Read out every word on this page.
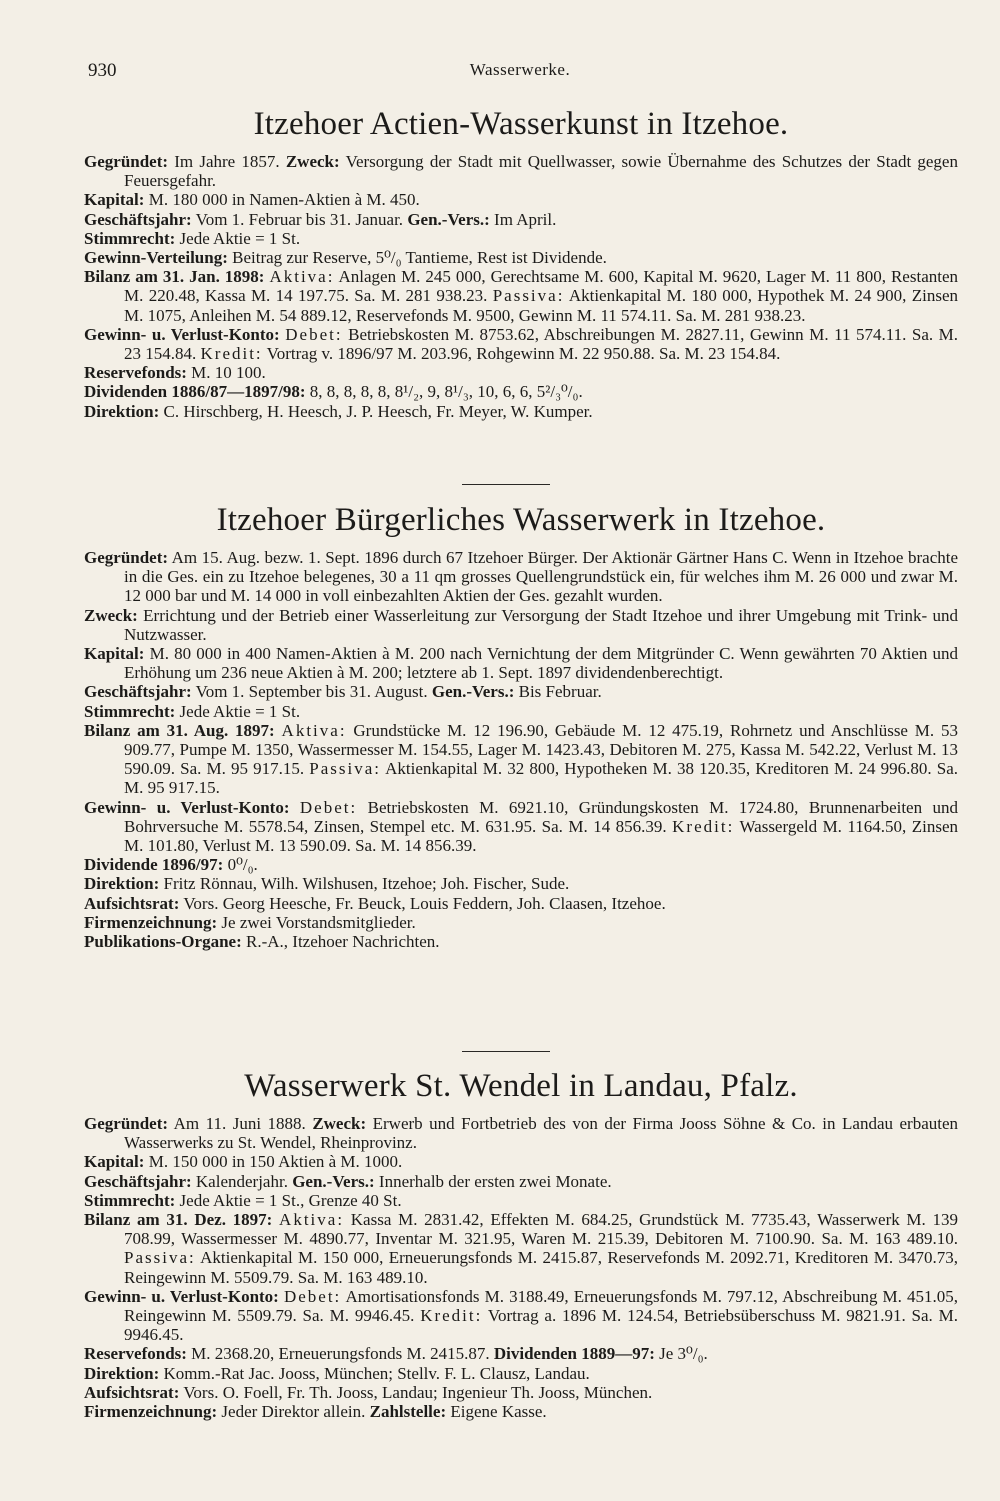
930	Wasserwerke.
Itzehoer Actien-Wasserkunst in Itzehoe.
Gegründet: Im Jahre 1857. Zweck: Versorgung der Stadt mit Quellwasser, sowie Übernahme des Schutzes der Stadt gegen Feuersgefahr.
Kapital: M. 180 000 in Namen-Aktien à M. 450.
Geschäftsjahr: Vom 1. Februar bis 31. Januar. Gen.-Vers.: Im April.
Stimmrecht: Jede Aktie = 1 St.
Gewinn-Verteilung: Beitrag zur Reserve, 5⁰/₀ Tantieme, Rest ist Dividende.
Bilanz am 31. Jan. 1898: Aktiva: Anlagen M. 245 000, Gerechtsame M. 600, Kapital M. 9620, Lager M. 11 800, Restanten M. 220.48, Kassa M. 14 197.75. Sa. M. 281 938.23. Passiva: Aktienkapital M. 180 000, Hypothek M. 24 900, Zinsen M. 1075, Anleihen M. 54 889.12, Reservefonds M. 9500, Gewinn M. 11 574.11. Sa. M. 281 938.23.
Gewinn- u. Verlust-Konto: Debet: Betriebskosten M. 8753.62, Abschreibungen M. 2827.11, Gewinn M. 11 574.11. Sa. M. 23 154.84. Kredit: Vortrag v. 1896/97 M. 203.96, Rohgewinn M. 22 950.88. Sa. M. 23 154.84.
Reservefonds: M. 10 100.
Dividenden 1886/87—1897/98: 8, 8, 8, 8, 8, 8¹/₂, 9, 8¹/₃, 10, 6, 6, 5²/₃⁰/₀.
Direktion: C. Hirschberg, H. Heesch, J. P. Heesch, Fr. Meyer, W. Kumper.
Itzehoer Bürgerliches Wasserwerk in Itzehoe.
Gegründet: Am 15. Aug. bezw. 1. Sept. 1896 durch 67 Itzehoer Bürger. Der Aktionär Gärtner Hans C. Wenn in Itzehoe brachte in die Ges. ein zu Itzehoe belegenes, 30 a 11 qm grosses Quellengrundstück ein, für welches ihm M. 26 000 und zwar M. 12 000 bar und M. 14 000 in voll einbezahlten Aktien der Ges. gezahlt wurden.
Zweck: Errichtung und der Betrieb einer Wasserleitung zur Versorgung der Stadt Itzehoe und ihrer Umgebung mit Trink- und Nutzwasser.
Kapital: M. 80 000 in 400 Namen-Aktien à M. 200 nach Vernichtung der dem Mitgründer C. Wenn gewährten 70 Aktien und Erhöhung um 236 neue Aktien à M. 200; letztere ab 1. Sept. 1897 dividendenberechtigt.
Geschäftsjahr: Vom 1. September bis 31. August. Gen.-Vers.: Bis Februar.
Stimmrecht: Jede Aktie = 1 St.
Bilanz am 31. Aug. 1897: Aktiva: Grundstücke M. 12 196.90, Gebäude M. 12 475.19, Rohrnetz und Anschlüsse M. 53 909.77, Pumpe M. 1350, Wassermesser M. 154.55, Lager M. 1423.43, Debitoren M. 275, Kassa M. 542.22, Verlust M. 13 590.09. Sa. M. 95 917.15. Passiva: Aktienkapital M. 32 800, Hypotheken M. 38 120.35, Kreditoren M. 24 996.80. Sa. M. 95 917.15.
Gewinn- u. Verlust-Konto: Debet: Betriebskosten M. 6921.10, Gründungskosten M. 1724.80, Brunnenarbeiten und Bohrversuche M. 5578.54, Zinsen, Stempel etc. M. 631.95. Sa. M. 14 856.39. Kredit: Wassergeld M. 1164.50, Zinsen M. 101.80, Verlust M. 13 590.09. Sa. M. 14 856.39.
Dividende 1896/97: 0⁰/₀.
Direktion: Fritz Rönnau, Wilh. Wilshusen, Itzehoe; Joh. Fischer, Sude.
Aufsichtsrat: Vors. Georg Heesche, Fr. Beuck, Louis Feddern, Joh. Claasen, Itzehoe.
Firmenzeichnung: Je zwei Vorstandsmitglieder.
Publikations-Organe: R.-A., Itzehoer Nachrichten.
Wasserwerk St. Wendel in Landau, Pfalz.
Gegründet: Am 11. Juni 1888. Zweck: Erwerb und Fortbetrieb des von der Firma Jooss Söhne & Co. in Landau erbauten Wasserwerks zu St. Wendel, Rheinprovinz.
Kapital: M. 150 000 in 150 Aktien à M. 1000.
Geschäftsjahr: Kalenderjahr. Gen.-Vers.: Innerhalb der ersten zwei Monate.
Stimmrecht: Jede Aktie = 1 St., Grenze 40 St.
Bilanz am 31. Dez. 1897: Aktiva: Kassa M. 2831.42, Effekten M. 684.25, Grundstück M. 7735.43, Wasserwerk M. 139 708.99, Wassermesser M. 4890.77, Inventar M. 321.95, Waren M. 215.39, Debitoren M. 7100.90. Sa. M. 163 489.10. Passiva: Aktienkapital M. 150 000, Erneuerungsfonds M. 2415.87, Reservefonds M. 2092.71, Kreditoren M. 3470.73, Reingewinn M. 5509.79. Sa. M. 163 489.10.
Gewinn- u. Verlust-Konto: Debet: Amortisationsfonds M. 3188.49, Erneuerungsfonds M. 797.12, Abschreibung M. 451.05, Reingewinn M. 5509.79. Sa. M. 9946.45. Kredit: Vortrag a. 1896 M. 124.54, Betriebsüberschuss M. 9821.91. Sa. M. 9946.45.
Reservefonds: M. 2368.20, Erneuerungsfonds M. 2415.87. Dividenden 1889—97: Je 3⁰/₀.
Direktion: Komm.-Rat Jac. Jooss, München; Stellv. F. L. Clausz, Landau.
Aufsichtsrat: Vors. O. Foell, Fr. Th. Jooss, Landau; Ingenieur Th. Jooss, München.
Firmenzeichnung: Jeder Direktor allein. Zahlstelle: Eigene Kasse.
